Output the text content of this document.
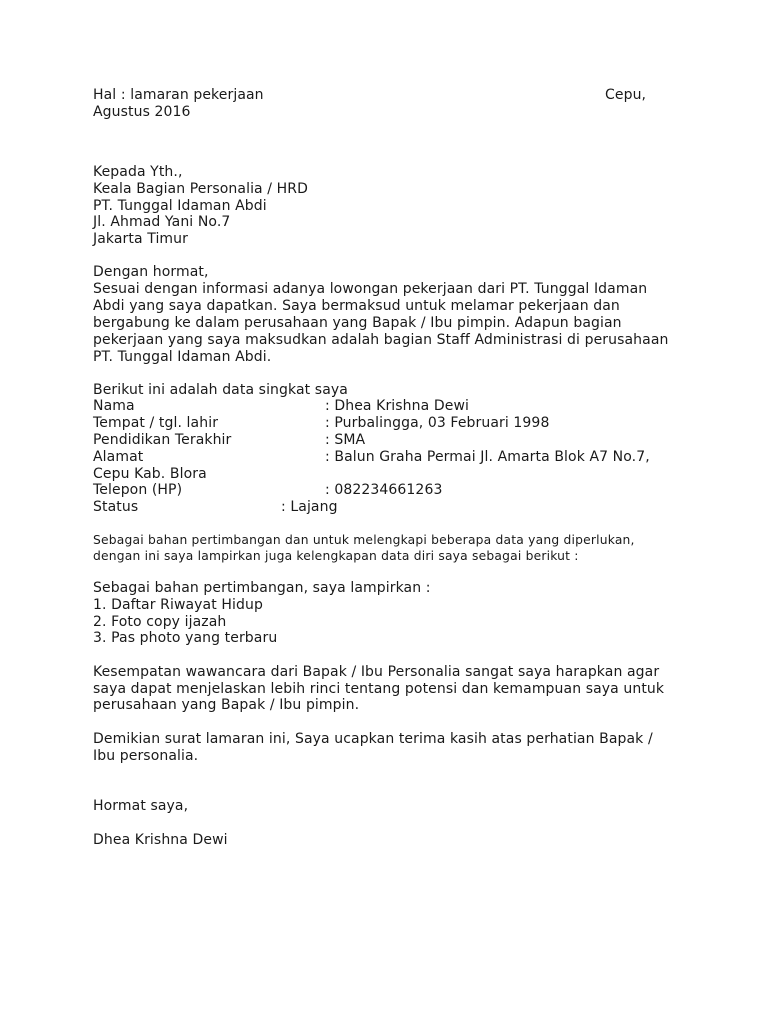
Hal : lamaran pekerjaan	Cepu,
Agustus 2016
Kepada Yth.,
Keala Bagian Personalia / HRD
PT. Tunggal Idaman Abdi
Jl. Ahmad Yani No.7
Jakarta Timur
Dengan hormat,
Sesuai dengan informasi adanya lowongan pekerjaan dari PT. Tunggal Idaman
Abdi yang saya dapatkan. Saya bermaksud untuk melamar pekerjaan dan
bergabung ke dalam perusahaan yang Bapak / Ibu pimpin. Adapun bagian
pekerjaan yang saya maksudkan adalah bagian Staff Administrasi di perusahaan
PT. Tunggal Idaman Abdi.
Berikut ini adalah data singkat saya
Nama	: Dhea Krishna Dewi
Tempat / tgl. lahir	: Purbalingga, 03 Februari 1998
Pendidikan Terakhir	: SMA
Alamat	: Balun Graha Permai Jl. Amarta Blok A7 No.7,
Cepu Kab. Blora
Telepon (HP)	: 082234661263
Status	: Lajang
Sebagai bahan pertimbangan dan untuk melengkapi beberapa data yang diperlukan,
dengan ini saya lampirkan juga kelengkapan data diri saya sebagai berikut :
Sebagai bahan pertimbangan, saya lampirkan :
1. Daftar Riwayat Hidup
2. Foto copy ijazah
3. Pas photo yang terbaru
Kesempatan wawancara dari Bapak / Ibu Personalia sangat saya harapkan agar
saya dapat menjelaskan lebih rinci tentang potensi dan kemampuan saya untuk
perusahaan yang Bapak / Ibu pimpin.
Demikian surat lamaran ini, Saya ucapkan terima kasih atas perhatian Bapak /
Ibu personalia.
Hormat saya,
Dhea Krishna Dewi
